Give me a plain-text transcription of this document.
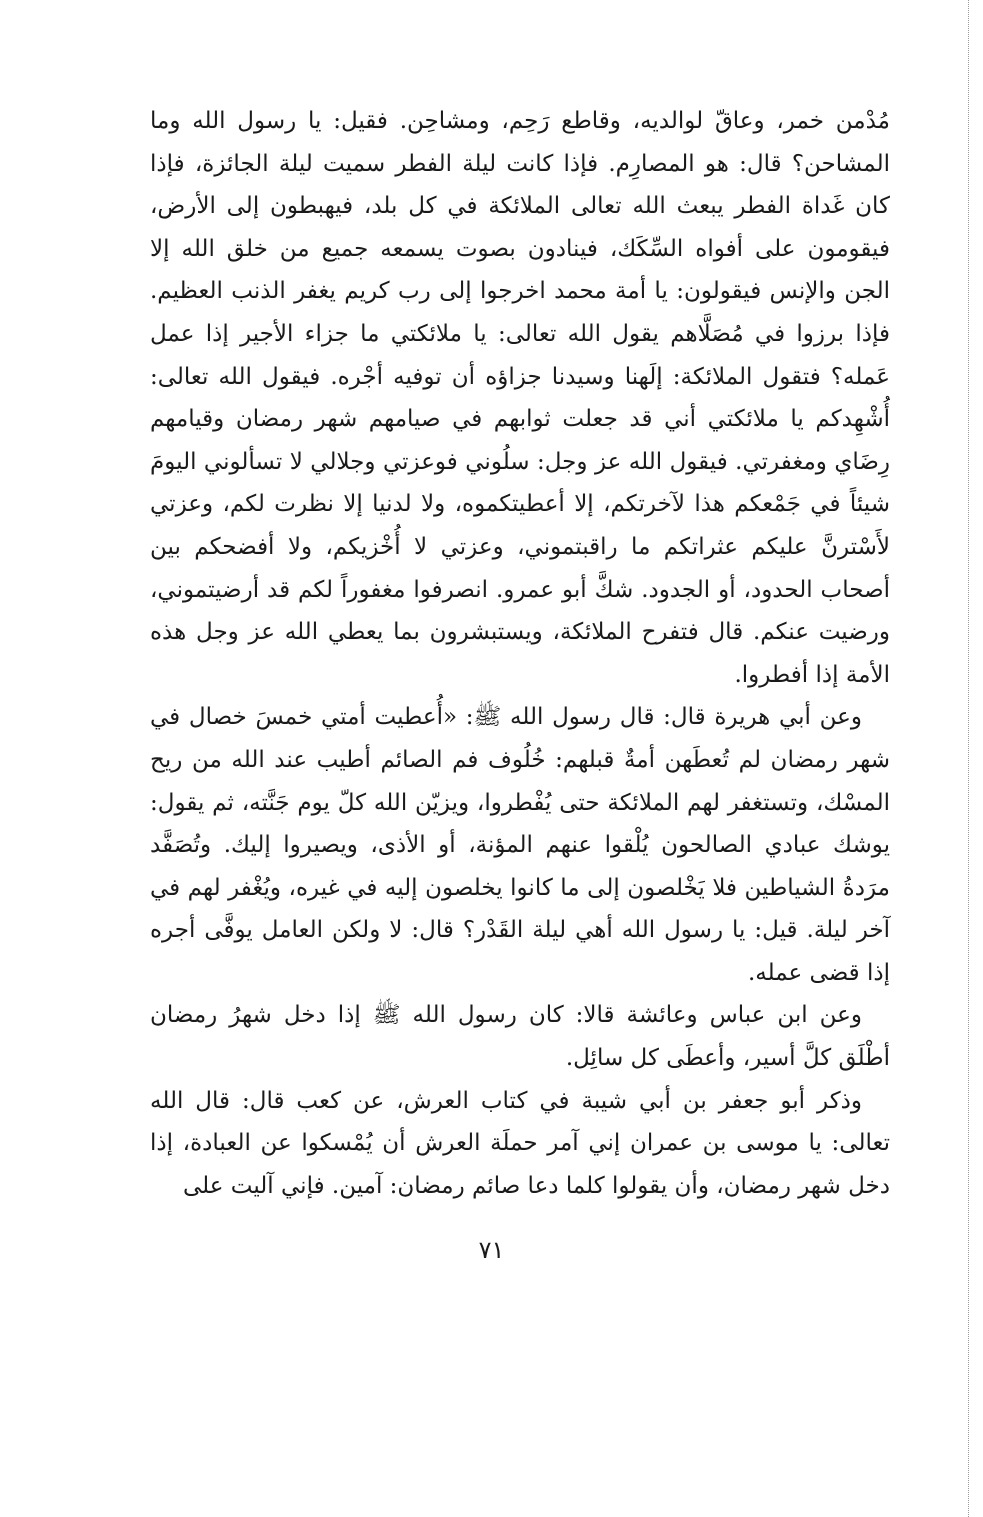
مُدْمن خمر، وعاقّ لوالديه، وقاطع رَحِم، ومشاحِن. فقيل: يا رسول الله وما المشاحن؟ قال: هو المصارِم. فإذا كانت ليلة الفطر سميت ليلة الجائزة، فإذا كان غَداة الفطر يبعث الله تعالى الملائكة في كل بلد، فيهبطون إلى الأرض، فيقومون على أفواه السِّكَك، فينادون بصوت يسمعه جميع من خلق الله إلا الجن والإنس فيقولون: يا أمة محمد اخرجوا إلى رب كريم يغفر الذنب العظيم. فإذا برزوا في مُصَلَّاهم يقول الله تعالى: يا ملائكتي ما جزاء الأجير إذا عمل عَمله؟ فتقول الملائكة: إلَهنا وسيدنا جزاؤه أن توفيه أجْره. فيقول الله تعالى: أُشْهِدكم يا ملائكتي أني قد جعلت ثوابهم في صيامهم شهر رمضان وقيامهم رِضَاي ومغفرتي. فيقول الله عز وجل: سلُوني فوعزتي وجلالي لا تسألوني اليومَ شيئاً في جَمْعكم هذا لآخرتكم، إلا أعطيتكموه، ولا لدنيا إلا نظرت لكم، وعزتي لأَسْترنَّ عليكم عثراتكم ما راقبتموني، وعزتي لا أُخْزيكم، ولا أفضحكم بين أصحاب الحدود، أو الجدود. شكَّ أبو عمرو. انصرفوا مغفوراً لكم قد أرضيتموني، ورضيت عنكم. قال فتفرح الملائكة، ويستبشرون بما يعطي الله عز وجل هذه الأمة إذا أفطروا.

وعن أبي هريرة قال: قال رسول الله ﷺ: «أُعطيت أمتي خمسَ خصال في شهر رمضان لم تُعطَهن أمةٌ قبلهم: خُلُوف فم الصائم أطيب عند الله من ريح المسْك، وتستغفر لهم الملائكة حتى يُفْطروا، ويزيّن الله كلّ يوم جَنَّته، ثم يقول: يوشك عبادي الصالحون يُلْقوا عنهم المؤنة، أو الأذى، ويصيروا إليك. وتُصَفَّد مرَدةُ الشياطين فلا يَخْلصون إلى ما كانوا يخلصون إليه في غيره، ويُغْفر لهم في آخر ليلة. قيل: يا رسول الله أهي ليلة القَدْر؟ قال: لا ولكن العامل يوفَّى أجره إذا قضى عمله.

وعن ابن عباس وعائشة قالا: كان رسول الله ﷺ إذا دخل شهرُ رمضان أطْلَق كلَّ أسير، وأعطَى كل سائِل.

وذكر أبو جعفر بن أبي شيبة في كتاب العرش، عن كعب قال: قال الله تعالى: يا موسى بن عمران إني آمر حملَة العرش أن يُمْسكوا عن العبادة، إذا دخل شهر رمضان، وأن يقولوا كلما دعا صائم رمضان: آمين. فإني آليت على

٧١
